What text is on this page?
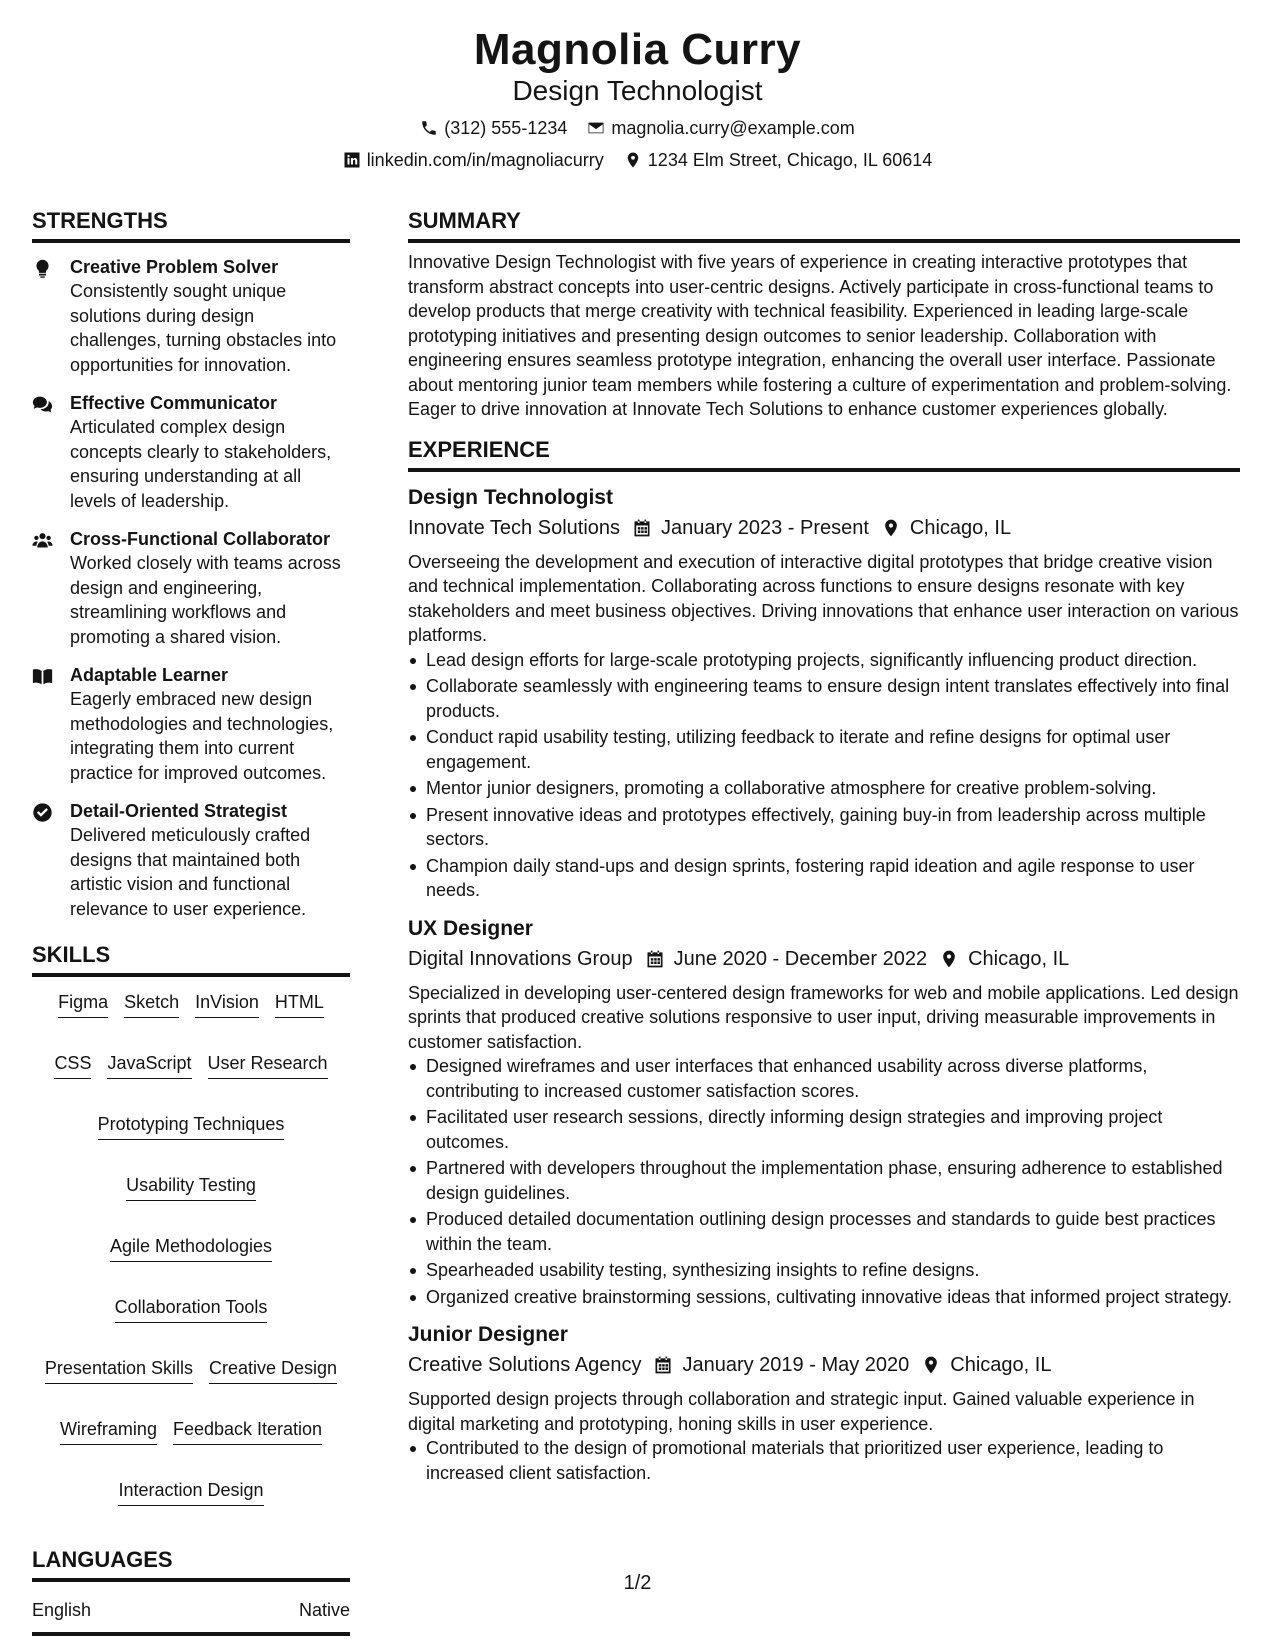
Magnolia Curry
Design Technologist
(312) 555-1234 magnolia.curry@example.com
linkedin.com/in/magnoliacurry 1234 Elm Street, Chicago, IL 60614
STRENGTHS
Creative Problem Solver
Consistently sought unique solutions during design challenges, turning obstacles into opportunities for innovation.
Effective Communicator
Articulated complex design concepts clearly to stakeholders, ensuring understanding at all levels of leadership.
Cross-Functional Collaborator
Worked closely with teams across design and engineering, streamlining workflows and promoting a shared vision.
Adaptable Learner
Eagerly embraced new design methodologies and technologies, integrating them into current practice for improved outcomes.
Detail-Oriented Strategist
Delivered meticulously crafted designs that maintained both artistic vision and functional relevance to user experience.
SKILLS
Figma Sketch InVision HTML
CSS JavaScript User Research
Prototyping Techniques
Usability Testing
Agile Methodologies
Collaboration Tools
Presentation Skills Creative Design
Wireframing Feedback Iteration
Interaction Design
LANGUAGES
English	Native
SUMMARY
Innovative Design Technologist with five years of experience in creating interactive prototypes that transform abstract concepts into user-centric designs. Actively participate in cross-functional teams to develop products that merge creativity with technical feasibility. Experienced in leading large-scale prototyping initiatives and presenting design outcomes to senior leadership. Collaboration with engineering ensures seamless prototype integration, enhancing the overall user interface. Passionate about mentoring junior team members while fostering a culture of experimentation and problem-solving. Eager to drive innovation at Innovate Tech Solutions to enhance customer experiences globally.
EXPERIENCE
Design Technologist
Innovate Tech Solutions January 2023 - Present Chicago, IL
Overseeing the development and execution of interactive digital prototypes that bridge creative vision and technical implementation. Collaborating across functions to ensure designs resonate with key stakeholders and meet business objectives. Driving innovations that enhance user interaction on various platforms.
Lead design efforts for large-scale prototyping projects, significantly influencing product direction.
Collaborate seamlessly with engineering teams to ensure design intent translates effectively into final products.
Conduct rapid usability testing, utilizing feedback to iterate and refine designs for optimal user engagement.
Mentor junior designers, promoting a collaborative atmosphere for creative problem-solving.
Present innovative ideas and prototypes effectively, gaining buy-in from leadership across multiple sectors.
Champion daily stand-ups and design sprints, fostering rapid ideation and agile response to user needs.
UX Designer
Digital Innovations Group June 2020 - December 2022 Chicago, IL
Specialized in developing user-centered design frameworks for web and mobile applications. Led design sprints that produced creative solutions responsive to user input, driving measurable improvements in customer satisfaction.
Designed wireframes and user interfaces that enhanced usability across diverse platforms, contributing to increased customer satisfaction scores.
Facilitated user research sessions, directly informing design strategies and improving project outcomes.
Partnered with developers throughout the implementation phase, ensuring adherence to established design guidelines.
Produced detailed documentation outlining design processes and standards to guide best practices within the team.
Spearheaded usability testing, synthesizing insights to refine designs.
Organized creative brainstorming sessions, cultivating innovative ideas that informed project strategy.
Junior Designer
Creative Solutions Agency January 2019 - May 2020 Chicago, IL
Supported design projects through collaboration and strategic input. Gained valuable experience in digital marketing and prototyping, honing skills in user experience.
Contributed to the design of promotional materials that prioritized user experience, leading to increased client satisfaction.
1/2
